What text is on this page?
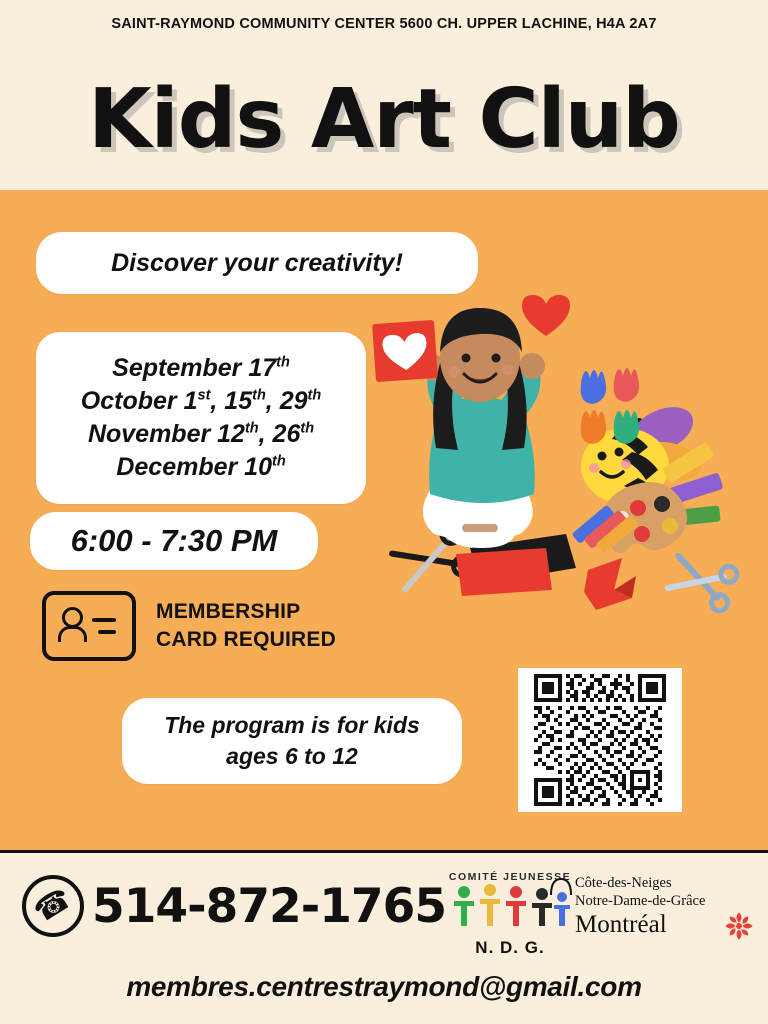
SAINT-RAYMOND COMMUNITY CENTER 5600 CH. UPPER LACHINE, H4A 2A7
Kids Art Club
Discover your creativity!
September 17th
October 1st, 15th, 29th
November 12th, 26th
December 10th
6:00 - 7:30 PM
MEMBERSHIP
CARD REQUIRED
The program is for kids
ages 6 to 12
☎ 514-872-1765
COMITÉ JEUNESSE
N. D. G.
Côte-des-Neiges
Notre-Dame-de-Grâce
Montréal
membres.centrestraymond@gmail.com
